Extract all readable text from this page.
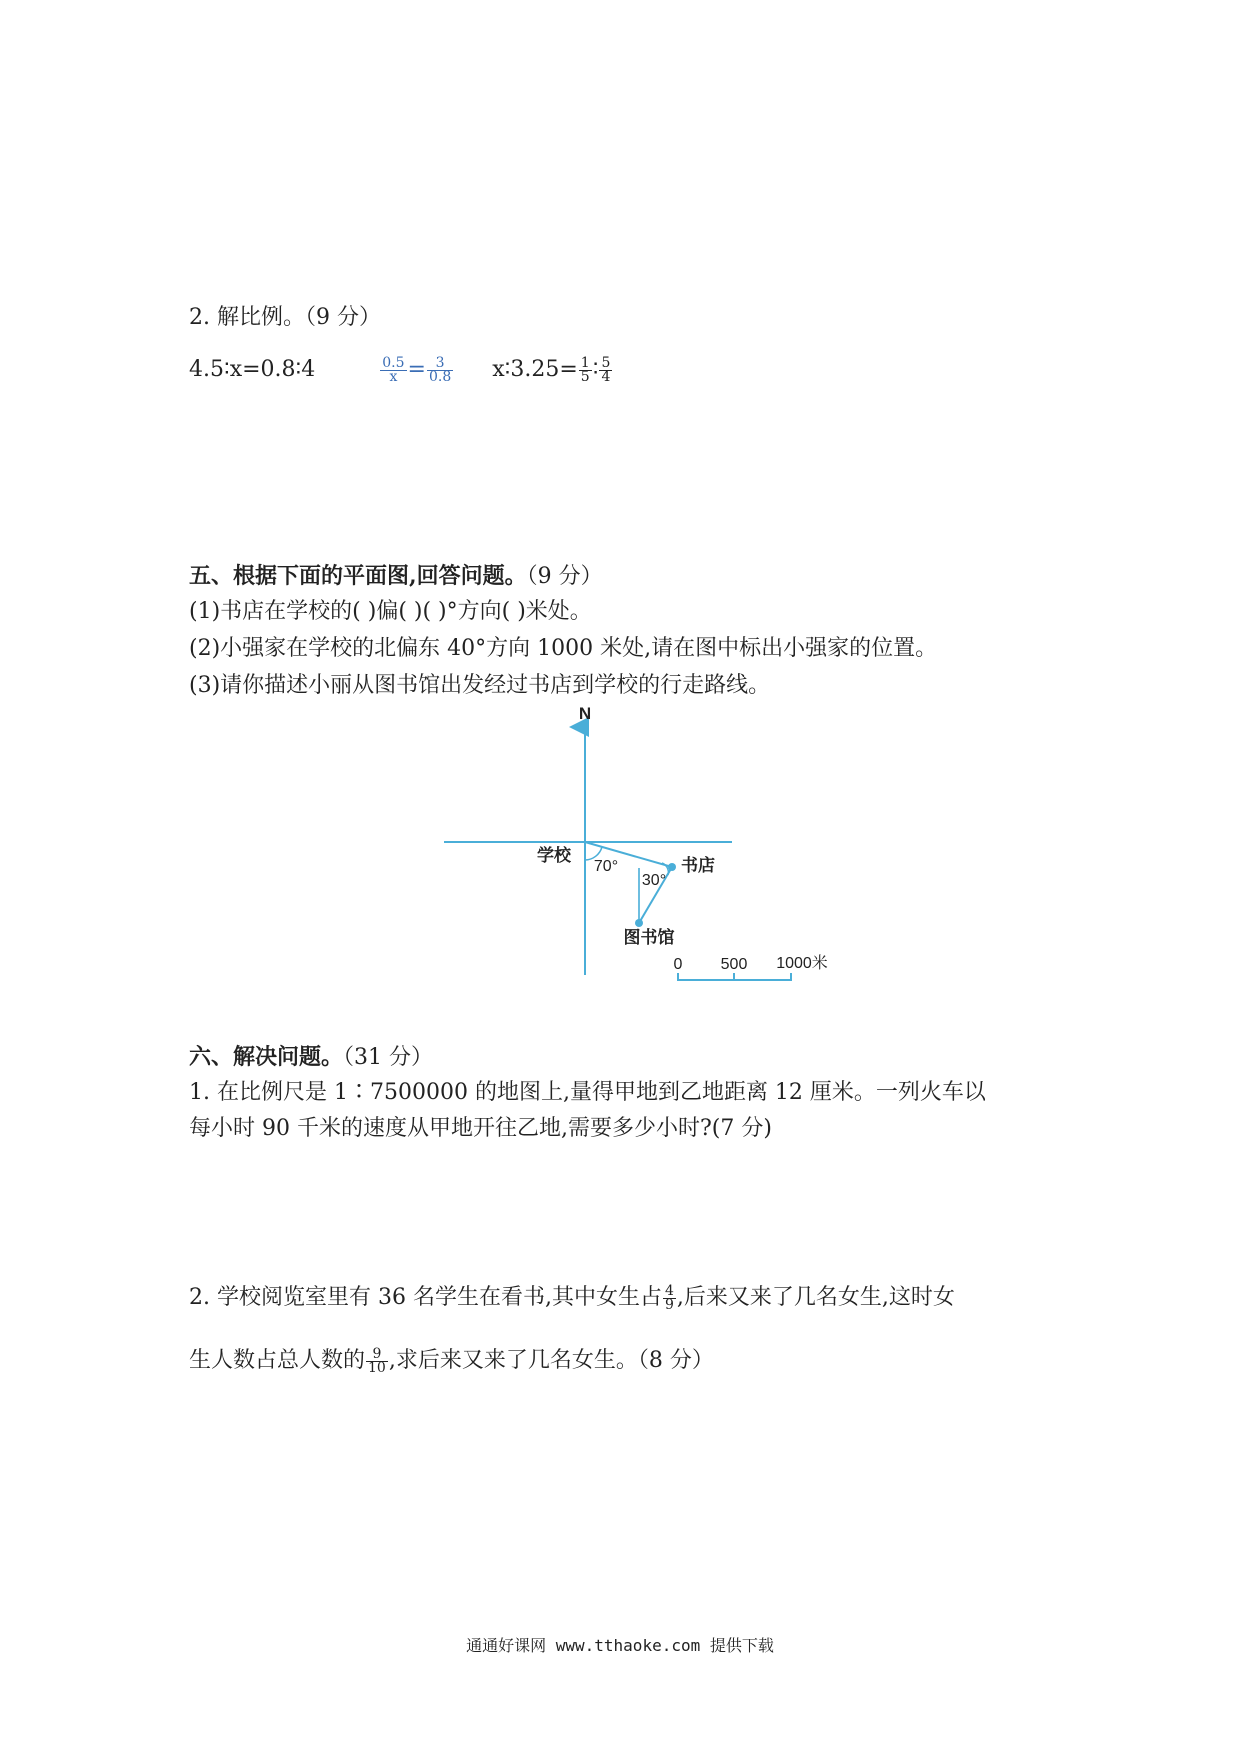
2. 解比例。（9 分）
4.5∶x=0.8∶4	$\frac{0.5}{x} = \frac{3}{0.8}$ x∶3.25= $\frac{1}{5}$ ∶ $\frac{5}{4}$
五、根据下面的平面图,回答问题。（9 分）
(1)书店在学校的( )偏( )( )°方向( )米处。
(2)小强家在学校的北偏东 40°方向 1000 米处,请在图中标出小强家的位置。
(3)请你描述小丽从图书馆出发经过书店到学校的行走路线。
N
学校
70°	书店
30°
图书馆
0 500 1000米
六、解决问题。（31 分）
1. 在比例尺是 1∶7500000 的地图上,量得甲地到乙地距离 12 厘米。一列火车以
每小时 90 千米的速度从甲地开往乙地,需要多少小时?(7 分)
2. 学校阅览室里有 36 名学生在看书,其中女生占 $\frac{4}{9}$ ,后来又来了几名女生,这时女
生人数占总人数的 $\frac{9}{10}$ ,求后来又来了几名女生。（8 分）
通通好课网 www.tthaoke.com 提供下载
